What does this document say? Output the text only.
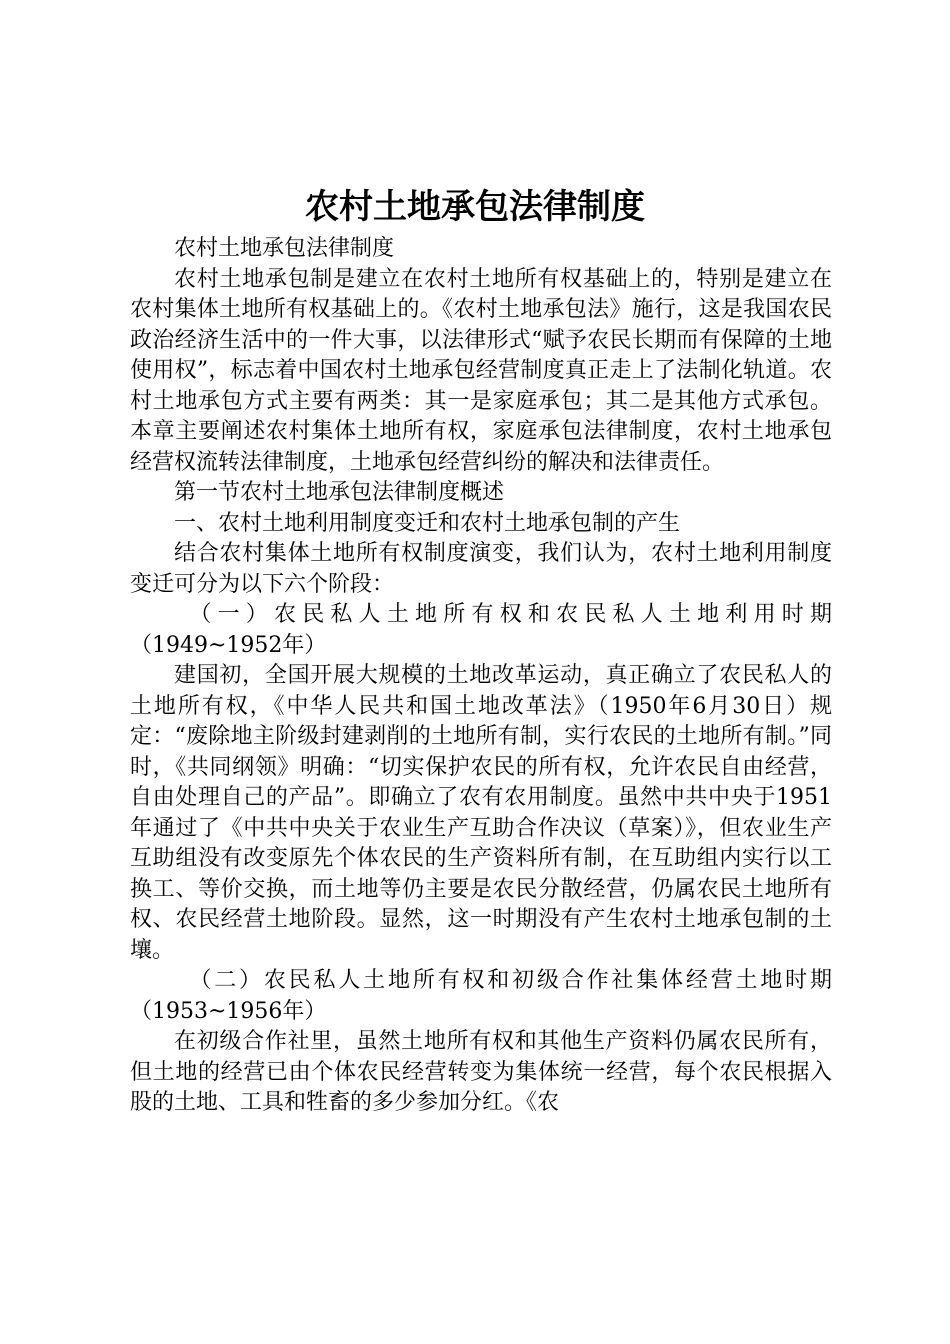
农村土地承包法律制度

农村土地承包法律制度

农村土地承包制是建立在农村土地所有权基础上的，特别是建立在农村集体土地所有权基础上的。《农村土地承包法》施行，这是我国农民政治经济生活中的一件大事，以法律形式“赋予农民长期而有保障的土地使用权”，标志着中国农村土地承包经营制度真正走上了法制化轨道。农村土地承包方式主要有两类：其一是家庭承包；其二是其他方式承包。本章主要阐述农村集体土地所有权，家庭承包法律制度，农村土地承包经营权流转法律制度，土地承包经营纠纷的解决和法律责任。

第一节农村土地承包法律制度概述

一、农村土地利用制度变迁和农村土地承包制的产生

结合农村集体土地所有权制度演变，我们认为，农村土地利用制度变迁可分为以下六个阶段：

（一）农民私人土地所有权和农民私人土地利用时期（1949~1952年）

建国初，全国开展大规模的土地改革运动，真正确立了农民私人的土地所有权，《中华人民共和国土地改革法》（1950年6月30日）规定：“废除地主阶级封建剥削的土地所有制，实行农民的土地所有制。”同时，《共同纲领》明确：“切实保护农民的所有权，允许农民自由经营，自由处理自己的产品”。即确立了农有农用制度。虽然中共中央于1951年通过了《中共中央关于农业生产互助合作决议（草案）》，但农业生产互助组没有改变原先个体农民的生产资料所有制，在互助组内实行以工换工、等价交换，而土地等仍主要是农民分散经营，仍属农民土地所有权、农民经营土地阶段。显然，这一时期没有产生农村土地承包制的土壤。

（二）农民私人土地所有权和初级合作社集体经营土地时期（1953~1956年）

在初级合作社里，虽然土地所有权和其他生产资料仍属农民所有，但土地的经营已由个体农民经营转变为集体统一经营，每个农民根据入股的土地、工具和牲畜的多少参加分红。《农
